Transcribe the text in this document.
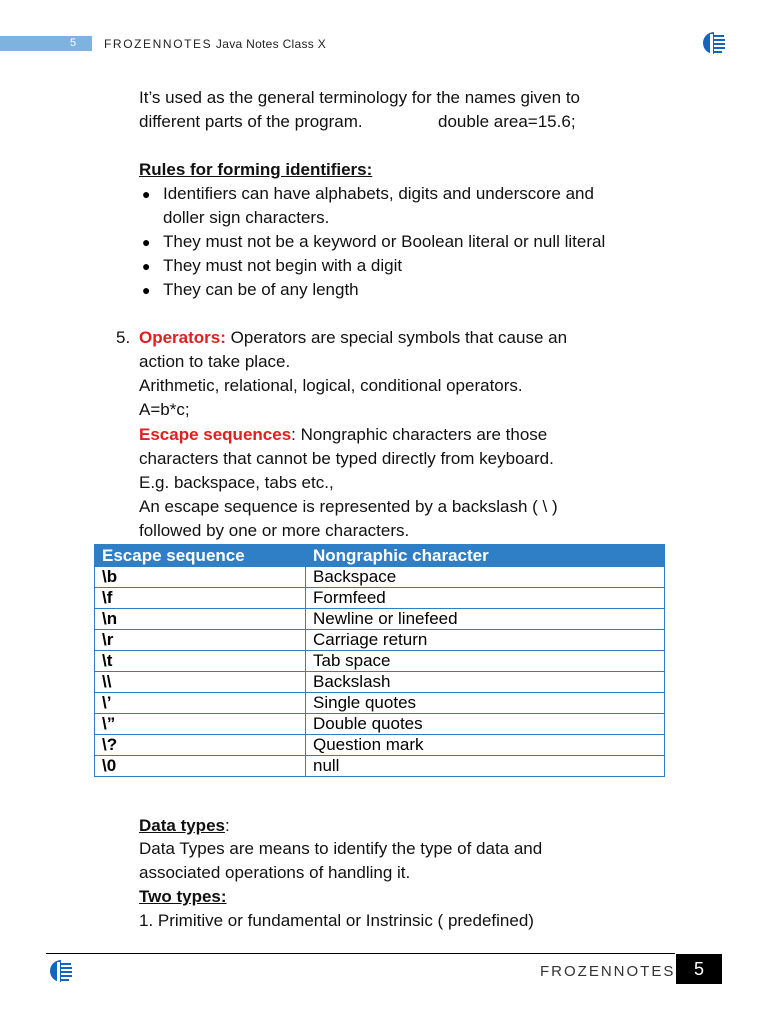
5 FROZENNOTES Java Notes Class X
It’s used as the general terminology for the names given to
different parts of the program.	double area=15.6;
Rules for forming identifiers:
● Identifiers can have alphabets, digits and underscore and
doller sign characters.
● They must not be a keyword or Boolean literal or null literal
● They must not begin with a digit
● They can be of any length
5. Operators: Operators are special symbols that cause an
action to take place.
Arithmetic, relational, logical, conditional operators.
A=b*c;
Escape sequences: Nongraphic characters are those
characters that cannot be typed directly from keyboard.
E.g. backspace, tabs etc.,
An escape sequence is represented by a backslash ( \ )
followed by one or more characters.
Escape sequence	Nongraphic character
\b	Backspace
\f	Formfeed
\n	Newline or linefeed
\r	Carriage return
\t	Tab space
\\	Backslash
\’	Single quotes
\”	Double quotes
\?	Question mark
\0	null
Data types:
Data Types are means to identify the type of data and
associated operations of handling it.
Two types:
1. Primitive or fundamental or Instrinsic ( predefined)
FROZENNOTES	5
